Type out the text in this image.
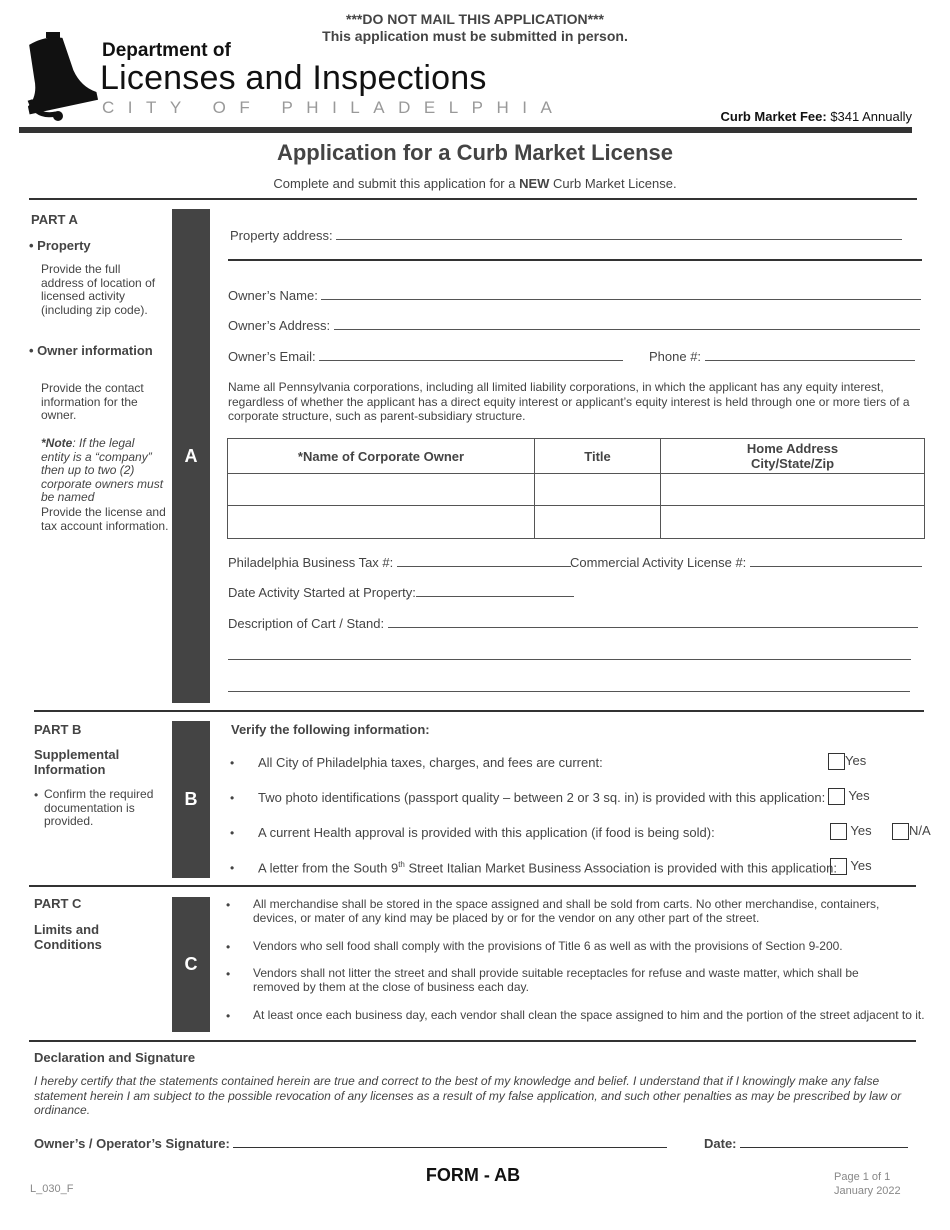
***DO NOT MAIL THIS APPLICATION***
This application must be submitted in person.
Department of
Licenses and Inspections
CITY OF PHILADELPHIA	Curb Market Fee: $341 Annually
Application for a Curb Market License
Complete and submit this application for a NEW Curb Market License.
PART A
• Property
Provide the full address of location of licensed activity (including zip code).
• Owner information
Provide the contact information for the owner.
*Note: If the legal entity is a “company” then up to two (2) corporate owners must be named
Provide the license and tax account information.
A
Property address:
Owner’s Name:
Owner’s Address:
Owner’s Email:	Phone #:
Name all Pennsylvania corporations, including all limited liability corporations, in which the applicant has any equity interest, regardless of whether the applicant has a direct equity interest or applicant’s equity interest is held through one or more tiers of a corporate structure, such as parent-subsidiary structure.
*Name of Corporate Owner	Title	Home Address
City/State/Zip

Philadelphia Business Tax #:	Commercial Activity License #:
Date Activity Started at Property:
Description of Cart / Stand:
PART B
Supplemental
Information
• Confirm the required documentation is provided.
B
Verify the following information:
• All City of Philadelphia taxes, charges, and fees are current:	Yes
• Two photo identifications (passport quality – between 2 or 3 sq. in) is provided with this application:	Yes
• A current Health approval is provided with this application (if food is being sold):	Yes	N/A
• A letter from the South 9th Street Italian Market Business Association is provided with this application:	Yes
PART C
Limits and
Conditions
C
• All merchandise shall be stored in the space assigned and shall be sold from carts. No other merchandise, containers, devices, or mater of any kind may be placed by or for the vendor on any other part of the street.
• Vendors who sell food shall comply with the provisions of Title 6 as well as with the provisions of Section 9-200.
• Vendors shall not litter the street and shall provide suitable receptacles for refuse and waste matter, which shall be removed by them at the close of business each day.
• At least once each business day, each vendor shall clean the space assigned to him and the portion of the street adjacent to it.
Declaration and Signature
I hereby certify that the statements contained herein are true and correct to the best of my knowledge and belief. I understand that if I knowingly make any false statement herein I am subject to the possible revocation of any licenses as a result of my false application, and such other penalties as may be prescribed by law or ordinance.
Owner’s / Operator’s Signature:	Date:
L_030_F
FORM - AB	Page 1 of 1
January 2022
